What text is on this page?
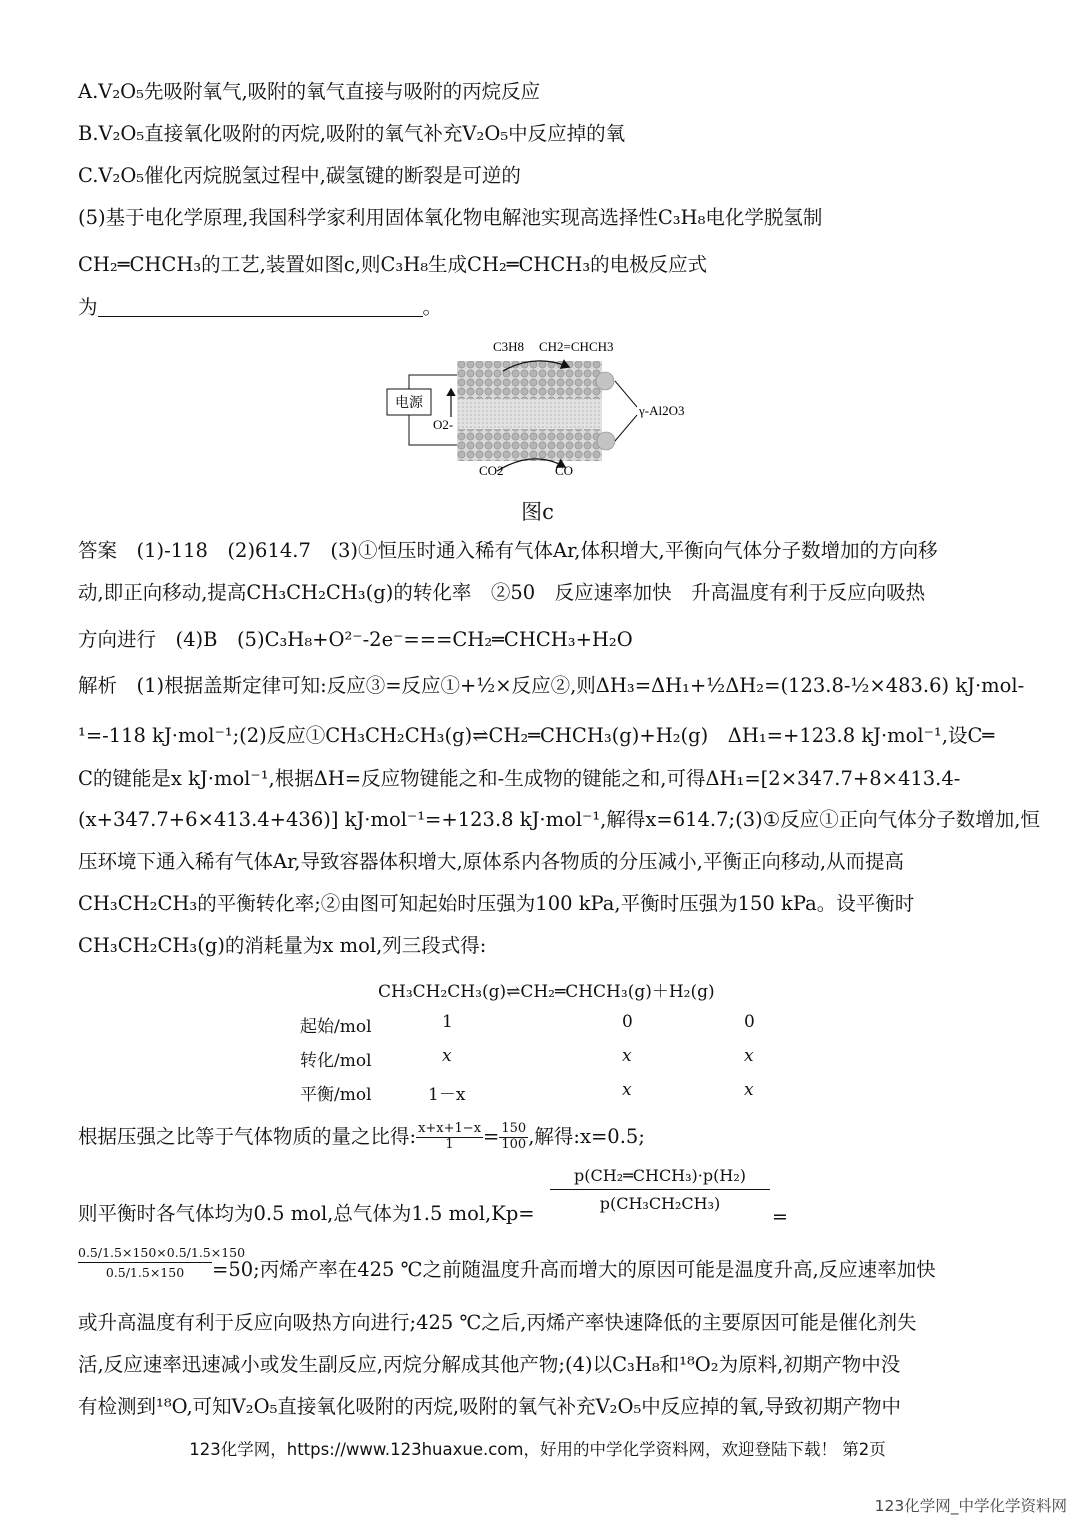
A.V₂O₅先吸附氧气,吸附的氧气直接与吸附的丙烷反应
B.V₂O₅直接氧化吸附的丙烷,吸附的氧气补充V₂O₅中反应掉的氧
C.V₂O₅催化丙烷脱氢过程中,碳氢键的断裂是可逆的
(5)基于电化学原理,我国科学家利用固体氧化物电解池实现高选择性C₃H₈电化学脱氢制
CH₂═CHCH₃的工艺,装置如图c,则C₃H₈生成CH₂═CHCH₃的电极反应式
为	。
C3H8 CH2=CHCH3
电源
O2-
γ-Al2O3
CO2	CO
图c
答案　(1)-118　(2)614.7　(3)①恒压时通入稀有气体Ar,体积增大,平衡向气体分子数增加的方向移
动,即正向移动,提高CH₃CH₂CH₃(g)的转化率　②50　反应速率加快　升高温度有利于反应向吸热
方向进行　(4)B　(5)C₃H₈+O²⁻-2e⁻===CH₂═CHCH₃+H₂O
解析　(1)根据盖斯定律可知:反应③=反应①+½×反应②,则ΔH₃=ΔH₁+½ΔH₂=(123.8-½×483.6) kJ·mol-
¹=-118 kJ·mol⁻¹;(2)反应①CH₃CH₂CH₃(g)⇌CH₂═CHCH₃(g)+H₂(g)　ΔH₁=+123.8 kJ·mol⁻¹,设C═
C的键能是x kJ·mol⁻¹,根据ΔH=反应物键能之和-生成物的键能之和,可得ΔH₁=[2×347.7+8×413.4-
(x+347.7+6×413.4+436)] kJ·mol⁻¹=+123.8 kJ·mol⁻¹,解得x=614.7;(3)①反应①正向气体分子数增加,恒
压环境下通入稀有气体Ar,导致容器体积增大,原体系内各物质的分压减小,平衡正向移动,从而提高
CH₃CH₂CH₃的平衡转化率;②由图可知起始时压强为100 kPa,平衡时压强为150 kPa。设平衡时
CH₃CH₂CH₃(g)的消耗量为x mol,列三段式得:
CH₃CH₂CH₃(g)⇌CH₂═CHCH₃(g)＋H₂(g)
起始/mol	1	0	0
转化/mol	x	x	x
平衡/mol	1－x	x	x
根据压强之比等于气体物质的量之比得: $\frac{x+x+1-x}{1} = \frac{150}{100}$ ,解得:x=0.5;
则平衡时各气体均为0.5 mol,总气体为1.5 mol,Kp=
p(CH₂═CHCH₃)·p(H₂)
p(CH₃CH₂CH₃)
=
$\frac{0.5/1.5\times 150\times 0.5/1.5\times 150}{0.5/1.5\times 150} =50$;丙烯产率在425 ℃之前随温度升高而增大的原因可能是温度升高,反应速率加快
或升高温度有利于反应向吸热方向进行;425 ℃之后,丙烯产率快速降低的主要原因可能是催化剂失
活,反应速率迅速减小或发生副反应,丙烷分解成其他产物;(4)以C₃H₈和¹⁸O₂为原料,初期产物中没
有检测到¹⁸O,可知V₂O₅直接氧化吸附的丙烷,吸附的氧气补充V₂O₅中反应掉的氧,导致初期产物中
123化学网，https://www.123huaxue.com，好用的中学化学资料网，欢迎登陆下载！ 第2页
123化学网_中学化学资料网
